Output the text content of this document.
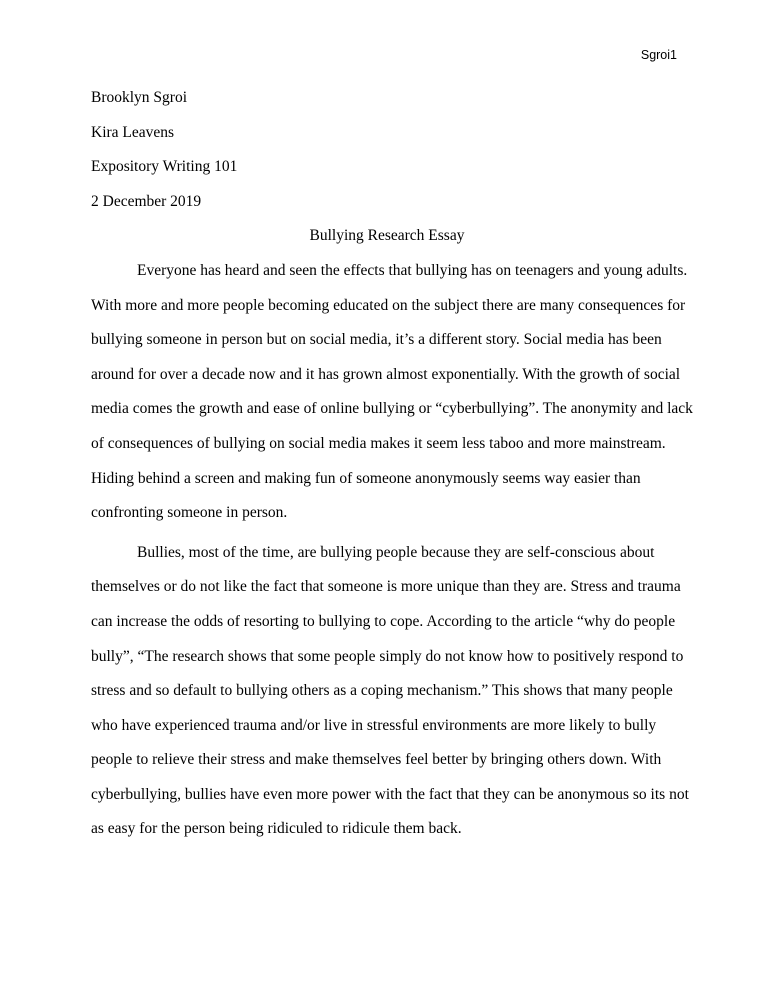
Sgroi1

Brooklyn Sgroi

Kira Leavens

Expository Writing 101

2 December 2019

Bullying Research Essay

Everyone has heard and seen the effects that bullying has on teenagers and young adults.
With more and more people becoming educated on the subject there are many consequences for
bullying someone in person but on social media, it’s a different story. Social media has been
around for over a decade now and it has grown almost exponentially. With the growth of social
media comes the growth and ease of online bullying or “cyberbullying”. The anonymity and lack
of consequences of bullying on social media makes it seem less taboo and more mainstream.
Hiding behind a screen and making fun of someone anonymously seems way easier than
confronting someone in person.
Bullies, most of the time, are bullying people because they are self-conscious about
themselves or do not like the fact that someone is more unique than they are. Stress and trauma
can increase the odds of resorting to bullying to cope. According to the article “why do people
bully”, “The research shows that some people simply do not know how to positively respond to
stress and so default to bullying others as a coping mechanism.” This shows that many people
who have experienced trauma and/or live in stressful environments are more likely to bully
people to relieve their stress and make themselves feel better by bringing others down. With
cyberbullying, bullies have even more power with the fact that they can be anonymous so its not
as easy for the person being ridiculed to ridicule them back.
